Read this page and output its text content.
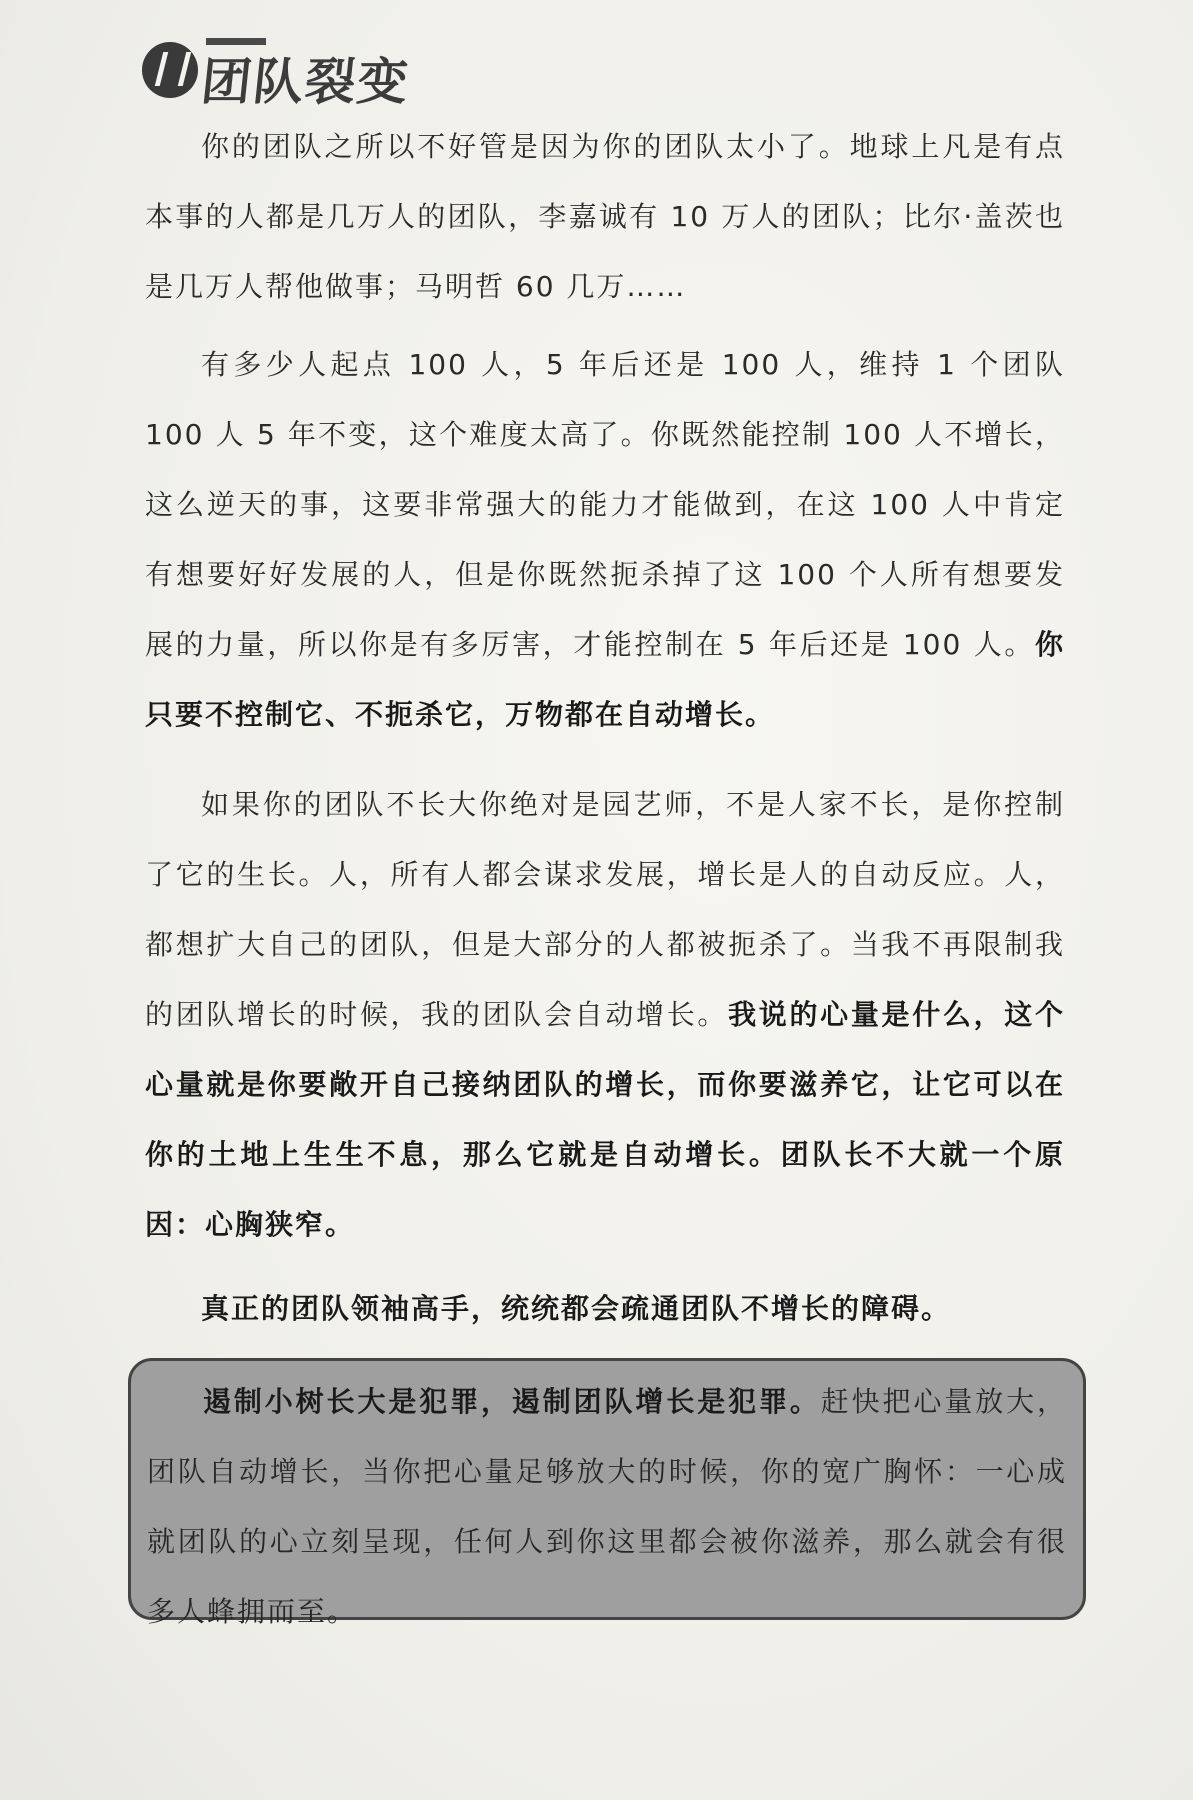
团队裂变

你的团队之所以不好管是因为你的团队太小了。地球上凡是有点本事的人都是几万人的团队，李嘉诚有 10 万人的团队；比尔·盖茨也是几万人帮他做事；马明哲 60 几万……

有多少人起点 100 人，5 年后还是 100 人，维持 1 个团队 100 人 5 年不变，这个难度太高了。你既然能控制 100 人不增长，这么逆天的事，这要非常强大的能力才能做到，在这 100 人中肯定有想要好好发展的人，但是你既然扼杀掉了这 100 个人所有想要发展的力量，所以你是有多厉害，才能控制在 5 年后还是 100 人。你只要不控制它、不扼杀它，万物都在自动增长。

如果你的团队不长大你绝对是园艺师，不是人家不长，是你控制了它的生长。人，所有人都会谋求发展，增长是人的自动反应。人，都想扩大自己的团队，但是大部分的人都被扼杀了。当我不再限制我的团队增长的时候，我的团队会自动增长。我说的心量是什么，这个心量就是你要敞开自己接纳团队的增长，而你要滋养它，让它可以在你的土地上生生不息，那么它就是自动增长。团队长不大就一个原因：心胸狭窄。

真正的团队领袖高手，统统都会疏通团队不增长的障碍。

遏制小树长大是犯罪，遏制团队增长是犯罪。赶快把心量放大，团队自动增长，当你把心量足够放大的时候，你的宽广胸怀：一心成就团队的心立刻呈现，任何人到你这里都会被你滋养，那么就会有很多人蜂拥而至。
